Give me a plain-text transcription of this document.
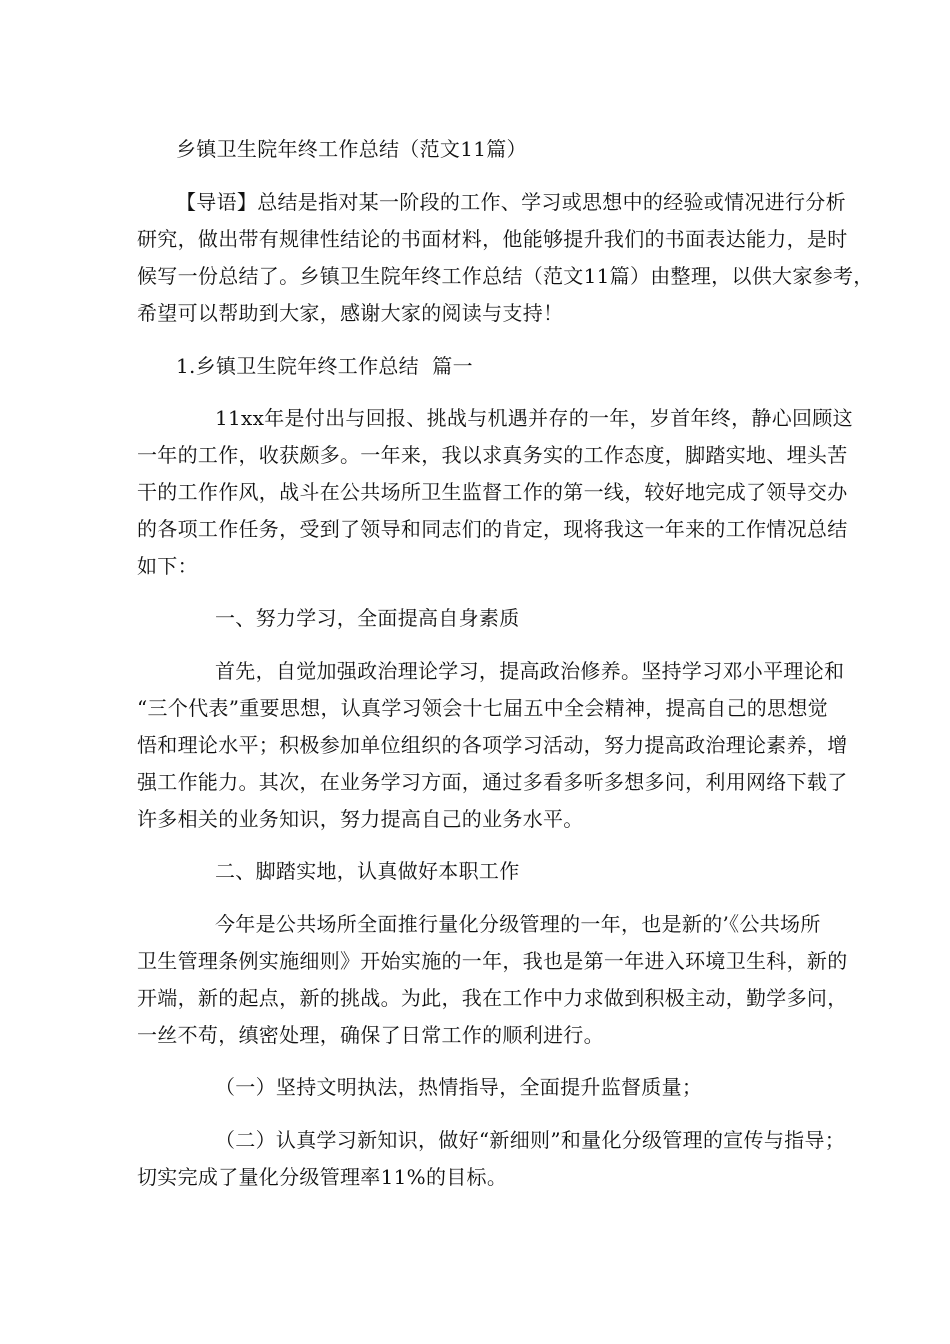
乡镇卫生院年终工作总结（范文11篇）
【导语】总结是指对某一阶段的工作、学习或思想中的经验或情况进行分析
研究，做出带有规律性结论的书面材料，他能够提升我们的书面表达能力，是时
候写一份总结了。乡镇卫生院年终工作总结（范文11篇）由整理，以供大家参考，
希望可以帮助到大家，感谢大家的阅读与支持！
1.乡镇卫生院年终工作总结  篇一
11xx年是付出与回报、挑战与机遇并存的一年，岁首年终，静心回顾这
一年的工作，收获颇多。一年来，我以求真务实的工作态度，脚踏实地、埋头苦
干的工作作风，战斗在公共场所卫生监督工作的第一线，较好地完成了领导交办
的各项工作任务，受到了领导和同志们的肯定，现将我这一年来的工作情况总结
如下：
一、努力学习，全面提高自身素质
首先，自觉加强政治理论学习，提高政治修养。坚持学习邓小平理论和
“三个代表”重要思想，认真学习领会十七届五中全会精神，提高自己的思想觉
悟和理论水平；积极参加单位组织的各项学习活动，努力提高政治理论素养，增
强工作能力。其次，在业务学习方面，通过多看多听多想多问，利用网络下载了
许多相关的业务知识，努力提高自己的业务水平。
二、脚踏实地，认真做好本职工作
今年是公共场所全面推行量化分级管理的一年，也是新的’《公共场所
卫生管理条例实施细则》开始实施的一年，我也是第一年进入环境卫生科，新的
开端，新的起点，新的挑战。为此，我在工作中力求做到积极主动，勤学多问，
一丝不苟，缜密处理，确保了日常工作的顺利进行。
（一）坚持文明执法，热情指导，全面提升监督质量；
（二）认真学习新知识，做好“新细则”和量化分级管理的宣传与指导；
切实完成了量化分级管理率11%的目标。
